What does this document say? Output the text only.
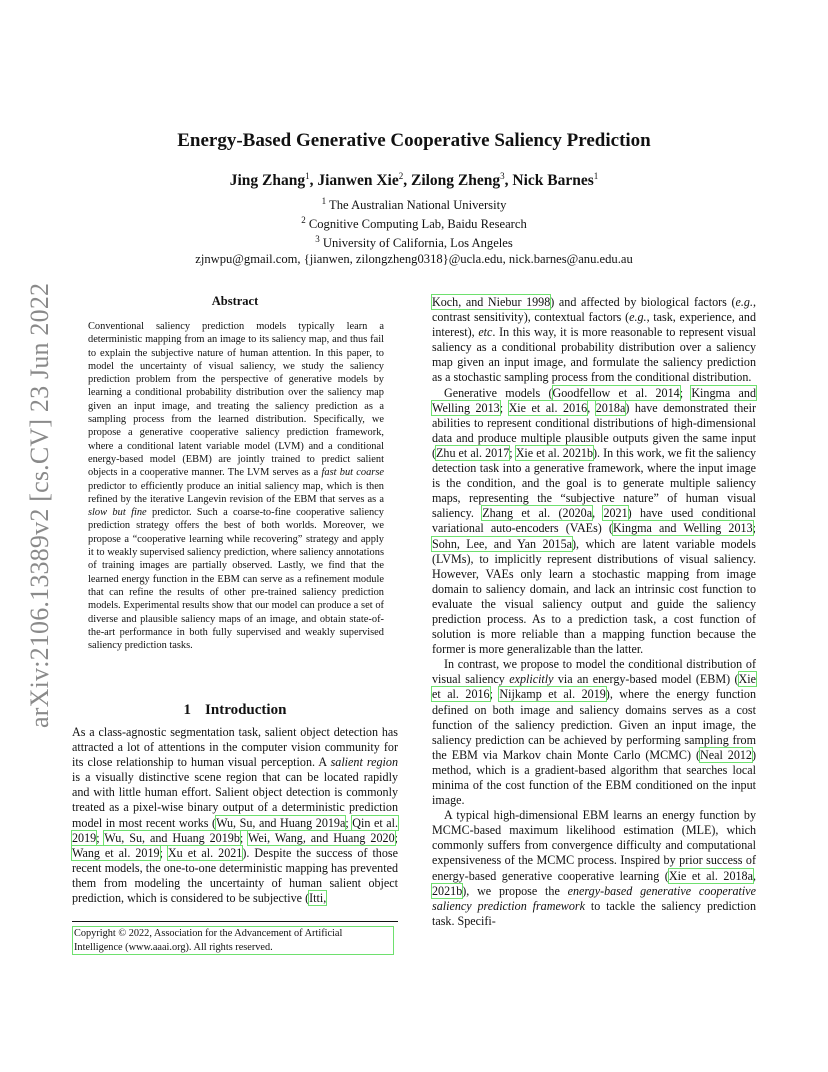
arXiv:2106.13389v2 [cs.CV] 23 Jun 2022
Energy-Based Generative Cooperative Saliency Prediction
Jing Zhang$^1$, Jianwen Xie$^2$, Zilong Zheng$^3$, Nick Barnes$^1$
$^1$ The Australian National University
$^2$ Cognitive Computing Lab, Baidu Research
$^3$ University of California, Los Angeles
zjnwpu@gmail.com, {jianwen, zilongzheng0318}@ucla.edu, nick.barnes@anu.edu.au
Abstract

Conventional saliency prediction models typically learn a deterministic mapping from an image to its saliency map, and thus fail to explain the subjective nature of human attention. In this paper, to model the uncertainty of visual saliency, we study the saliency prediction problem from the perspective of generative models by learning a conditional probability distribution over the saliency map given an input image, and treating the saliency prediction as a sampling process from the learned distribution. Specifically, we propose a generative cooperative saliency prediction framework, where a conditional latent variable model (LVM) and a conditional energy-based model (EBM) are jointly trained to predict salient objects in a cooperative manner. The LVM serves as a fast but coarse predictor to efficiently produce an initial saliency map, which is then refined by the iterative Langevin revision of the EBM that serves as a slow but fine predictor. Such a coarse-to-fine cooperative saliency prediction strategy offers the best of both worlds. Moreover, we propose a “cooperative learning while recovering” strategy and apply it to weakly supervised saliency prediction, where saliency annotations of training images are partially observed. Lastly, we find that the learned energy function in the EBM can serve as a refinement module that can refine the results of other pre-trained saliency prediction models. Experimental results show that our model can produce a set of diverse and plausible saliency maps of an image, and obtain state-of-the-art performance in both fully supervised and weakly supervised saliency prediction tasks.

1 Introduction

As a class-agnostic segmentation task, salient object detection has attracted a lot of attentions in the computer vision community for its close relationship to human visual perception. A salient region is a visually distinctive scene region that can be located rapidly and with little human effort. Salient object detection is commonly treated as a pixel-wise binary output of a deterministic prediction model in most recent works (Wu, Su, and Huang 2019a; Qin et al. 2019; Wu, Su, and Huang 2019b; Wei, Wang, and Huang 2020; Wang et al. 2019; Xu et al. 2021). Despite the success of those recent models, the one-to-one deterministic mapping has prevented them from modeling the uncertainty of human salient object prediction, which is considered to be subjective (Itti,

Copyright © 2022, Association for the Advancement of Artificial Intelligence (www.aaai.org). All rights reserved.

Koch, and Niebur 1998) and affected by biological factors (e.g., contrast sensitivity), contextual factors (e.g., task, experience, and interest), etc. In this way, it is more reasonable to represent visual saliency as a conditional probability distribution over a saliency map given an input image, and formulate the saliency prediction as a stochastic sampling process from the conditional distribution.

Generative models (Goodfellow et al. 2014; Kingma and Welling 2013; Xie et al. 2016, 2018a) have demonstrated their abilities to represent conditional distributions of high-dimensional data and produce multiple plausible outputs given the same input (Zhu et al. 2017; Xie et al. 2021b). In this work, we fit the saliency detection task into a generative framework, where the input image is the condition, and the goal is to generate multiple saliency maps, representing the “subjective nature” of human visual saliency. Zhang et al. (2020a, 2021) have used conditional variational auto-encoders (VAEs) (Kingma and Welling 2013; Sohn, Lee, and Yan 2015a), which are latent variable models (LVMs), to implicitly represent distributions of visual saliency. However, VAEs only learn a stochastic mapping from image domain to saliency domain, and lack an intrinsic cost function to evaluate the visual saliency output and guide the saliency prediction process. As to a prediction task, a cost function of solution is more reliable than a mapping function because the former is more generalizable than the latter.

In contrast, we propose to model the conditional distribution of visual saliency explicitly via an energy-based model (EBM) (Xie et al. 2016; Nijkamp et al. 2019), where the energy function defined on both image and saliency domains serves as a cost function of the saliency prediction. Given an input image, the saliency prediction can be achieved by performing sampling from the EBM via Markov chain Monte Carlo (MCMC) (Neal 2012) method, which is a gradient-based algorithm that searches local minima of the cost function of the EBM conditioned on the input image.

A typical high-dimensional EBM learns an energy function by MCMC-based maximum likelihood estimation (MLE), which commonly suffers from convergence difficulty and computational expensiveness of the MCMC process. Inspired by prior success of energy-based generative cooperative learning (Xie et al. 2018a, 2021b), we propose the energy-based generative cooperative saliency prediction framework to tackle the saliency prediction task. Specifi-
